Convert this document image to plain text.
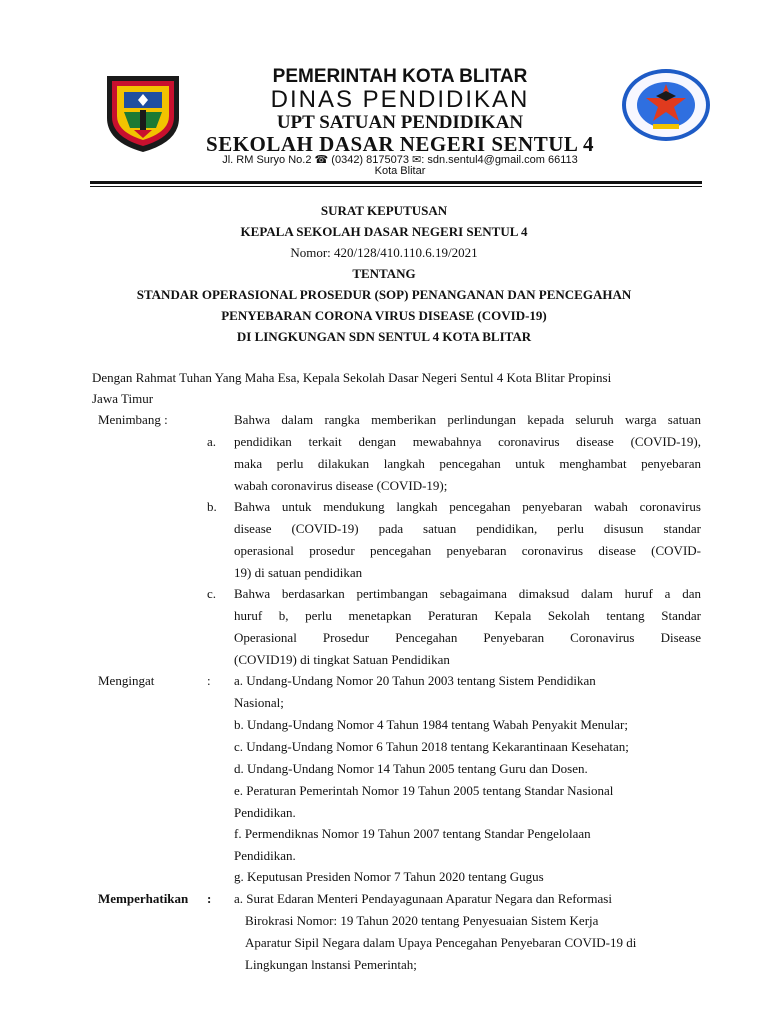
PEMERINTAH KOTA BLITAR
DINAS PENDIDIKAN
UPT SATUAN PENDIDIKAN
SEKOLAH DASAR NEGERI SENTUL 4
Jl. RM Suryo No.2 ☎ (0342) 8175073 ✉: sdn.sentul4@gmail.com 66113
Kota Blitar
SURAT KEPUTUSAN
KEPALA SEKOLAH DASAR NEGERI SENTUL 4
Nomor: 420/128/410.110.6.19/2021
TENTANG
STANDAR OPERASIONAL PROSEDUR (SOP) PENANGANAN DAN PENCEGAHAN
PENYEBARAN CORONA VIRUS DISEASE (COVID-19)
DI LINGKUNGAN SDN SENTUL 4 KOTA BLITAR
Dengan Rahmat Tuhan Yang Maha Esa, Kepala Sekolah Dasar Negeri Sentul 4 Kota Blitar Propinsi
Jawa Timur
Menimbang :
a.
Bahwa dalam rangka memberikan perlindungan kepada seluruh warga satuan
pendidikan terkait dengan mewabahnya coronavirus disease (COVID-19),
maka perlu dilakukan langkah pencegahan untuk menghambat penyebaran
wabah coronavirus disease (COVID-19);
b. Bahwa untuk mendukung langkah pencegahan penyebaran wabah coronavirus
disease (COVID-19) pada satuan pendidikan, perlu disusun standar
operasional prosedur pencegahan penyebaran coronavirus disease (COVID-
19) di satuan pendidikan
c. Bahwa berdasarkan pertimbangan sebagaimana dimaksud dalam huruf a dan
huruf b, perlu menetapkan Peraturan Kepala Sekolah tentang Standar
Operasional Prosedur Pencegahan Penyebaran Coronavirus Disease
(COVID19) di tingkat Satuan Pendidikan
Mengingat	: a. Undang-Undang Nomor 20 Tahun 2003 tentang Sistem Pendidikan
Nasional;
b. Undang-Undang Nomor 4 Tahun 1984 tentang Wabah Penyakit Menular;
c. Undang-Undang Nomor 6 Tahun 2018 tentang Kekarantinaan Kesehatan;
d. Undang-Undang Nomor 14 Tahun 2005 tentang Guru dan Dosen.
e. Peraturan Pemerintah Nomor 19 Tahun 2005 tentang Standar Nasional
Pendidikan.
f. Permendiknas Nomor 19 Tahun 2007 tentang Standar Pengelolaan
Pendidikan.
g. Keputusan Presiden Nomor 7 Tahun 2020 tentang Gugus
Memperhatikan : a. Surat Edaran Menteri Pendayagunaan Aparatur Negara dan Reformasi
Birokrasi Nomor: 19 Tahun 2020 tentang Penyesuaian Sistem Kerja
Aparatur Sipil Negara dalam Upaya Pencegahan Penyebaran COVID-19 di
Lingkungan lnstansi Pemerintah;
